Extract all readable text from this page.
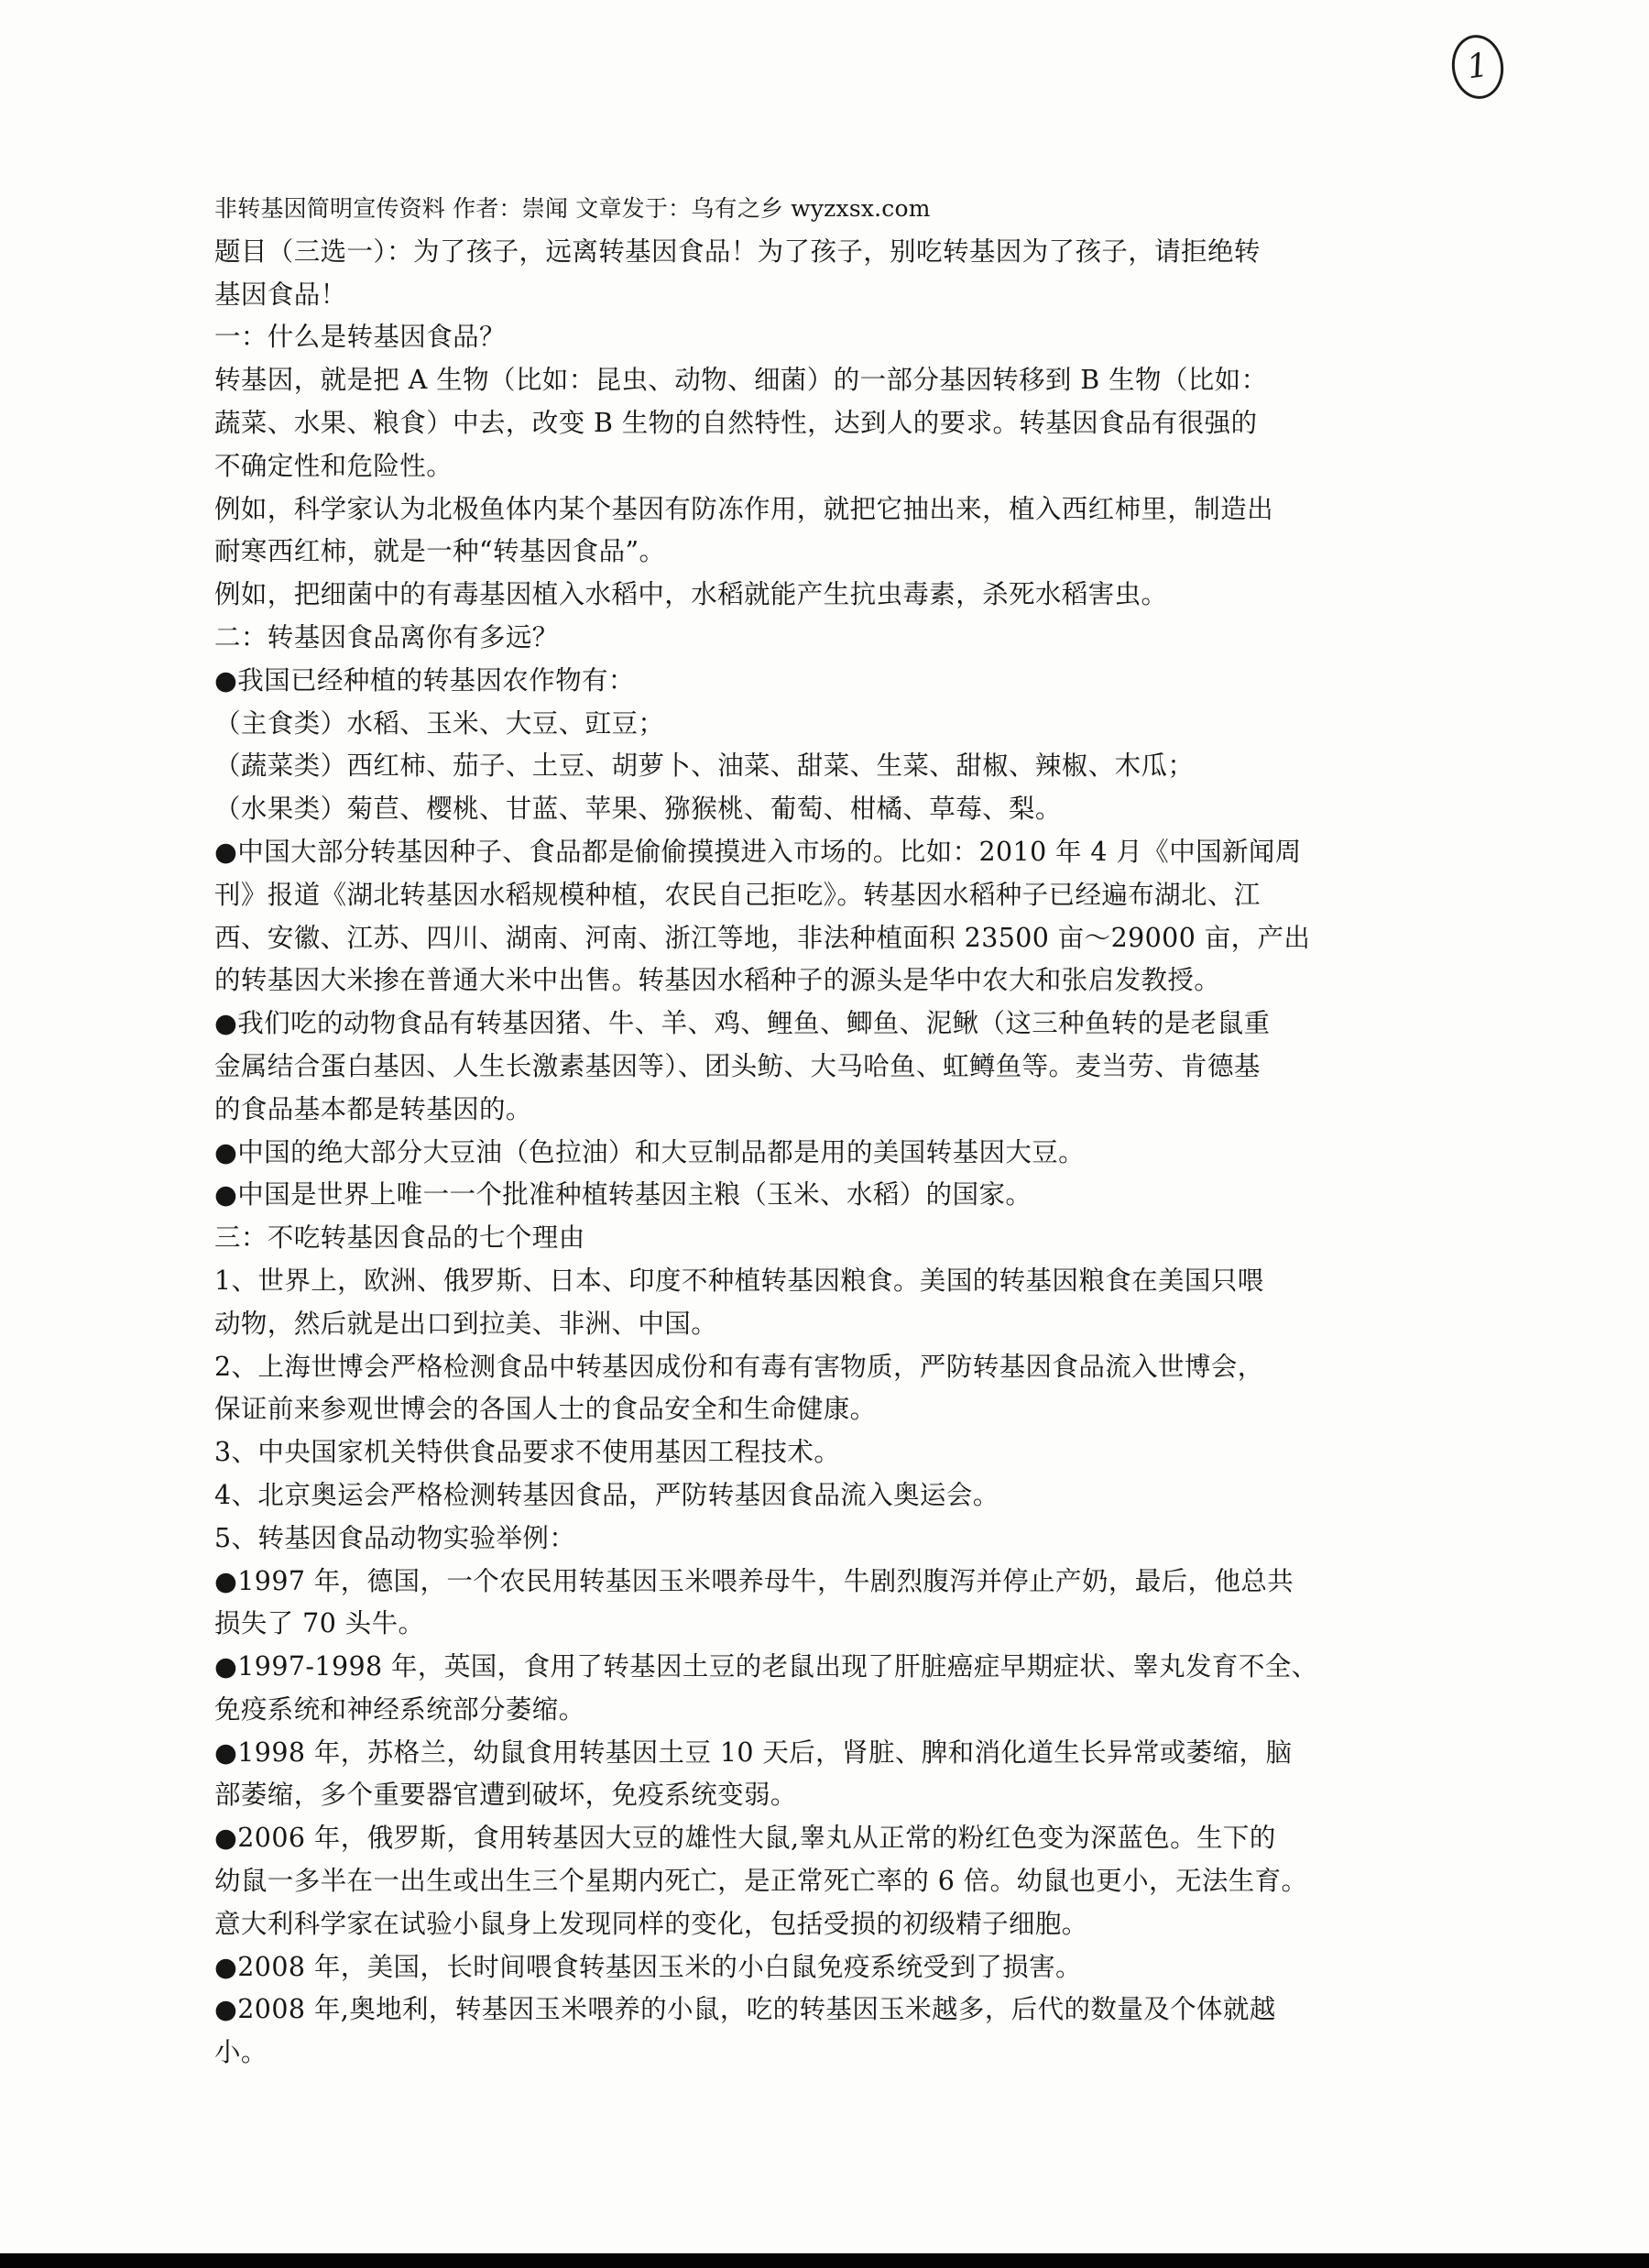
1
非转基因简明宣传资料 作者：崇闻 文章发于：乌有之乡 wyzxsx.com
题目（三选一）：为了孩子，远离转基因食品！为了孩子，别吃转基因为了孩子，请拒绝转
基因食品！
一：什么是转基因食品？
转基因，就是把 A 生物（比如：昆虫、动物、细菌）的一部分基因转移到 B 生物（比如：
蔬菜、水果、粮食）中去，改变 B 生物的自然特性，达到人的要求。转基因食品有很强的
不确定性和危险性。
例如，科学家认为北极鱼体内某个基因有防冻作用，就把它抽出来，植入西红柿里，制造出
耐寒西红柿，就是一种“转基因食品”。
例如，把细菌中的有毒基因植入水稻中，水稻就能产生抗虫毒素，杀死水稻害虫。
二：转基因食品离你有多远？
●我国已经种植的转基因农作物有：
（主食类）水稻、玉米、大豆、豇豆；
（蔬菜类）西红柿、茄子、土豆、胡萝卜、油菜、甜菜、生菜、甜椒、辣椒、木瓜；
（水果类）菊苣、樱桃、甘蓝、苹果、猕猴桃、葡萄、柑橘、草莓、梨。
●中国大部分转基因种子、食品都是偷偷摸摸进入市场的。比如：2010 年 4 月《中国新闻周
刊》报道《湖北转基因水稻规模种植，农民自己拒吃》。转基因水稻种子已经遍布湖北、江
西、安徽、江苏、四川、湖南、河南、浙江等地，非法种植面积 23500 亩～29000 亩，产出
的转基因大米掺在普通大米中出售。转基因水稻种子的源头是华中农大和张启发教授。
●我们吃的动物食品有转基因猪、牛、羊、鸡、鲤鱼、鲫鱼、泥鳅（这三种鱼转的是老鼠重
金属结合蛋白基因、人生长激素基因等）、团头鲂、大马哈鱼、虹鳟鱼等。麦当劳、肯德基
的食品基本都是转基因的。
●中国的绝大部分大豆油（色拉油）和大豆制品都是用的美国转基因大豆。
●中国是世界上唯一一个批准种植转基因主粮（玉米、水稻）的国家。
三：不吃转基因食品的七个理由
1、世界上，欧洲、俄罗斯、日本、印度不种植转基因粮食。美国的转基因粮食在美国只喂
动物，然后就是出口到拉美、非洲、中国。
2、上海世博会严格检测食品中转基因成份和有毒有害物质，严防转基因食品流入世博会，
保证前来参观世博会的各国人士的食品安全和生命健康。
3、中央国家机关特供食品要求不使用基因工程技术。
4、北京奥运会严格检测转基因食品，严防转基因食品流入奥运会。
5、转基因食品动物实验举例：
●1997 年，德国，一个农民用转基因玉米喂养母牛，牛剧烈腹泻并停止产奶，最后，他总共
损失了 70 头牛。
●1997-1998 年，英国，食用了转基因土豆的老鼠出现了肝脏癌症早期症状、睾丸发育不全、
免疫系统和神经系统部分萎缩。
●1998 年，苏格兰，幼鼠食用转基因土豆 10 天后，肾脏、脾和消化道生长异常或萎缩，脑
部萎缩，多个重要器官遭到破坏，免疫系统变弱。
●2006 年，俄罗斯，食用转基因大豆的雄性大鼠,睾丸从正常的粉红色变为深蓝色。生下的
幼鼠一多半在一出生或出生三个星期内死亡，是正常死亡率的 6 倍。幼鼠也更小，无法生育。
意大利科学家在试验小鼠身上发现同样的变化，包括受损的初级精子细胞。
●2008 年，美国，长时间喂食转基因玉米的小白鼠免疫系统受到了损害。
●2008 年,奥地利，转基因玉米喂养的小鼠，吃的转基因玉米越多，后代的数量及个体就越
小。
